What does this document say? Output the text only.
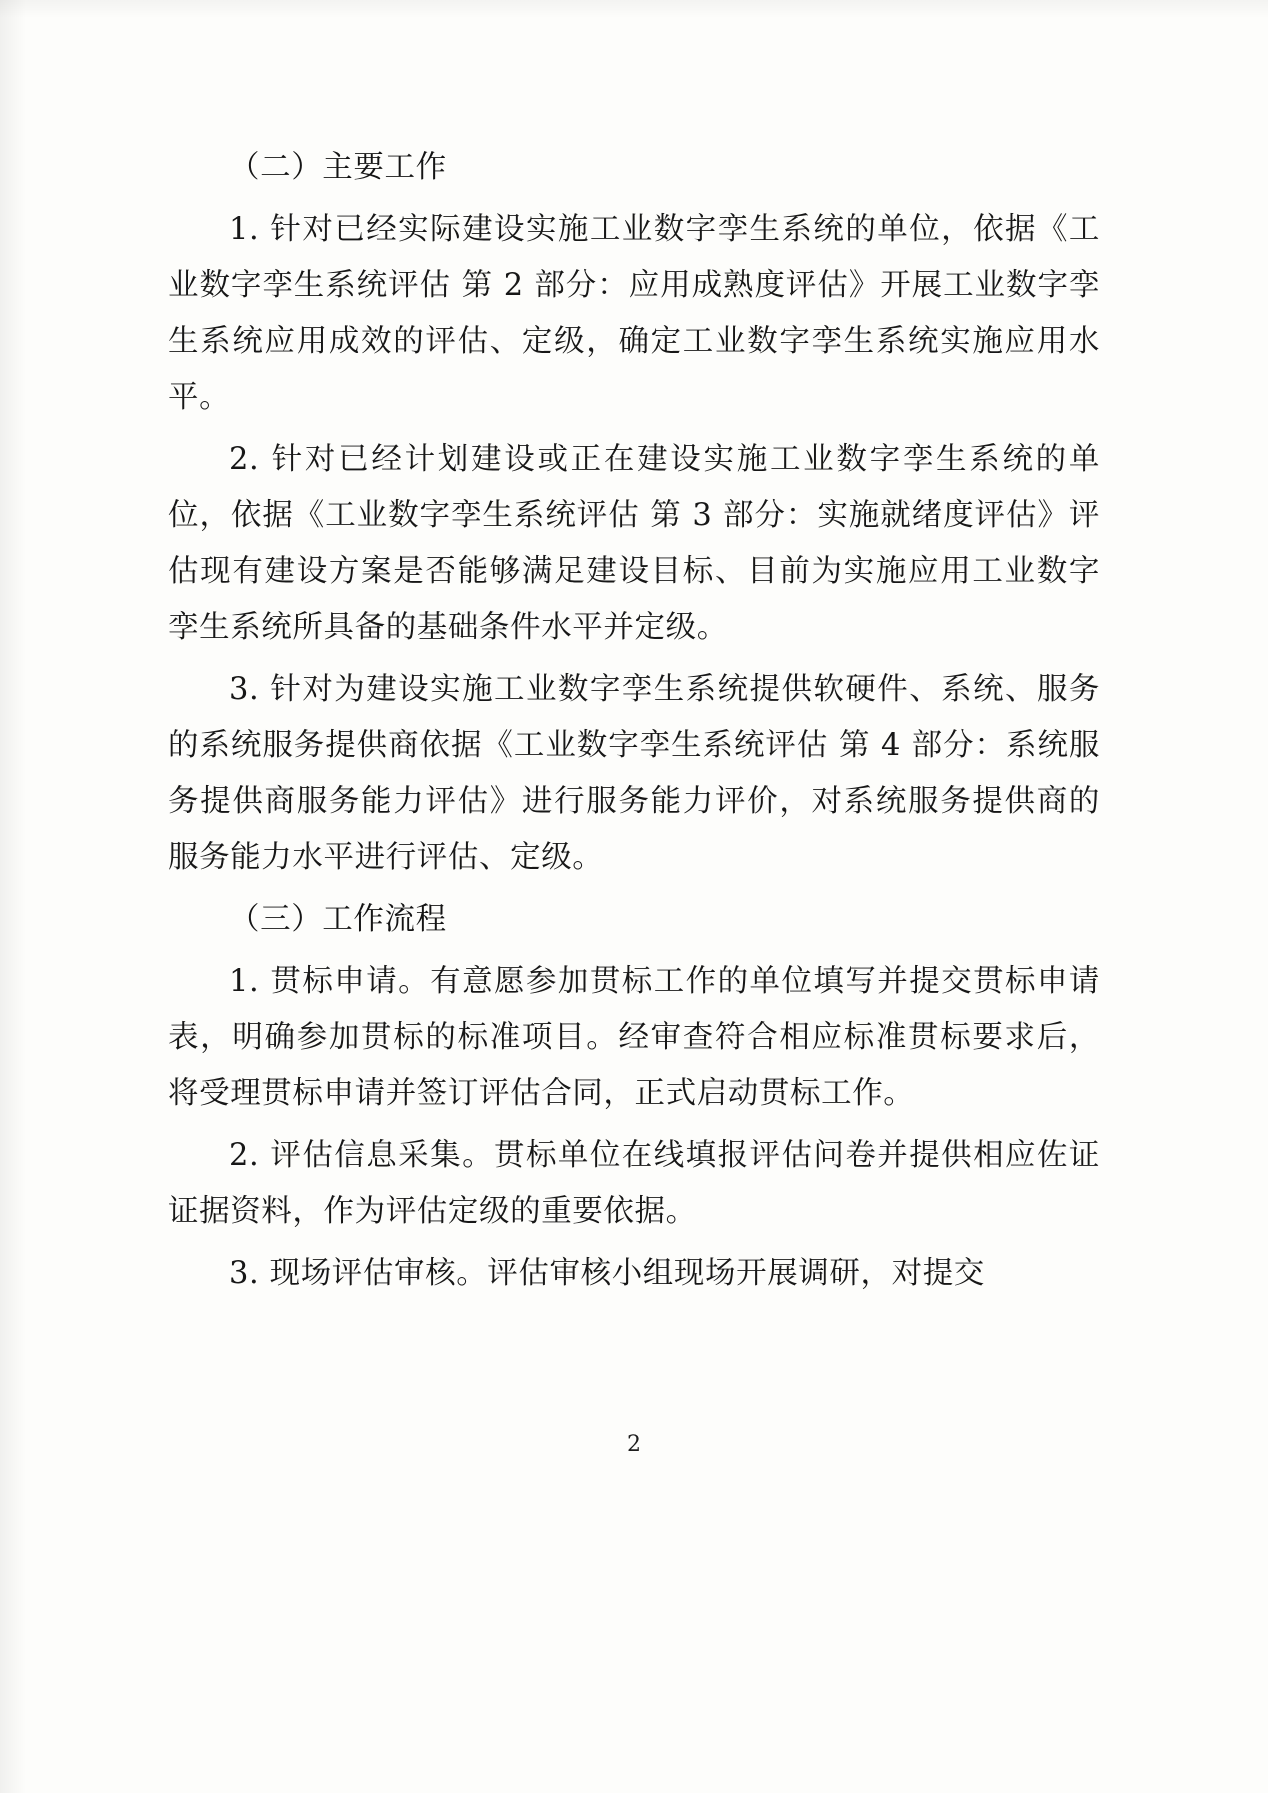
（二）主要工作

1. 针对已经实际建设实施工业数字孪生系统的单位，依据《工业数字孪生系统评估 第 2 部分：应用成熟度评估》开展工业数字孪生系统应用成效的评估、定级，确定工业数字孪生系统实施应用水平。

2. 针对已经计划建设或正在建设实施工业数字孪生系统的单位，依据《工业数字孪生系统评估 第 3 部分：实施就绪度评估》评估现有建设方案是否能够满足建设目标、目前为实施应用工业数字孪生系统所具备的基础条件水平并定级。

3. 针对为建设实施工业数字孪生系统提供软硬件、系统、服务的系统服务提供商依据《工业数字孪生系统评估 第 4 部分：系统服务提供商服务能力评估》进行服务能力评价，对系统服务提供商的服务能力水平进行评估、定级。

（三）工作流程

1. 贯标申请。有意愿参加贯标工作的单位填写并提交贯标申请表，明确参加贯标的标准项目。经审查符合相应标准贯标要求后，将受理贯标申请并签订评估合同，正式启动贯标工作。

2. 评估信息采集。贯标单位在线填报评估问卷并提供相应佐证证据资料，作为评估定级的重要依据。

3. 现场评估审核。评估审核小组现场开展调研，对提交

2
